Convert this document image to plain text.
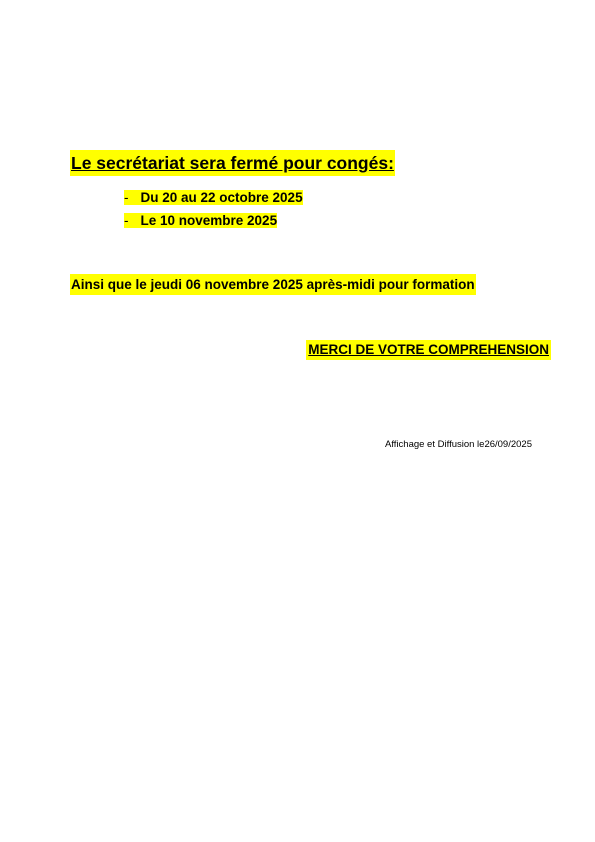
Le secrétariat sera fermé pour congés:
- Du 20 au 22 octobre 2025
- Le 10 novembre 2025
Ainsi que le jeudi 06 novembre 2025 après-midi pour formation
MERCI DE VOTRE COMPREHENSION
Affichage et Diffusion le26/09/2025
